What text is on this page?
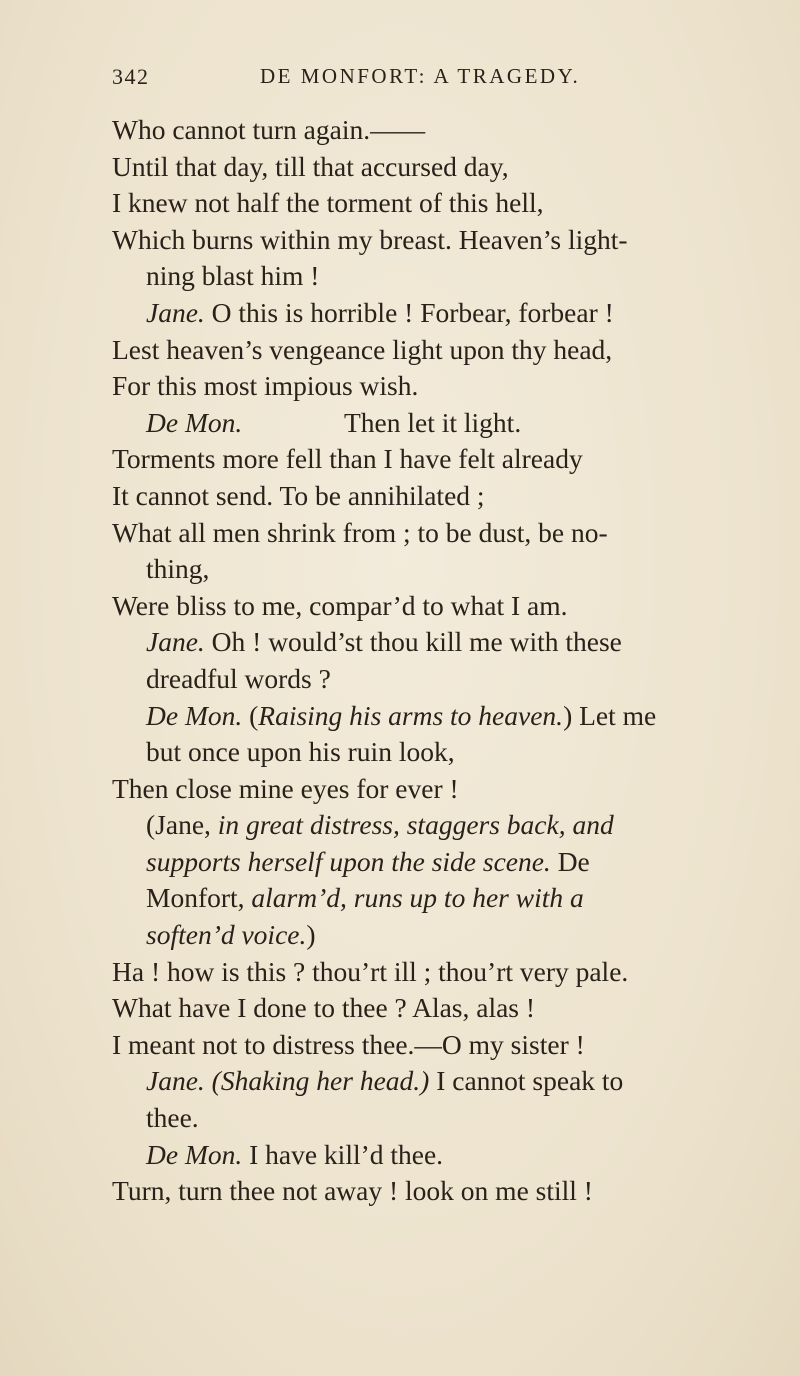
342	DE MONFORT: A TRAGEDY.
Who cannot turn again.——
Until that day, till that accursed day,
I knew not half the torment of this hell,
Which burns within my breast. Heaven’s light-
ning blast him !
Jane. O this is horrible ! Forbear, forbear !
Lest heaven’s vengeance light upon thy head,
For this most impious wish.
De Mon.	Then let it light.
Torments more fell than I have felt already
It cannot send. To be annihilated ;
What all men shrink from ; to be dust, be no-
thing,
Were bliss to me, compar’d to what I am.
Jane. Oh ! would’st thou kill me with these
dreadful words ?
De Mon. (Raising his arms to heaven.) Let me
but once upon his ruin look,
Then close mine eyes for ever !
(Jane, in great distress, staggers back, and
supports herself upon the side scene. De
Monfort, alarm’d, runs up to her with a
soften’d voice.)
Ha ! how is this ? thou’rt ill ; thou’rt very pale.
What have I done to thee ? Alas, alas !
I meant not to distress thee.—O my sister !
Jane. (Shaking her head.) I cannot speak to
thee.
De Mon. I have kill’d thee.
Turn, turn thee not away ! look on me still !
